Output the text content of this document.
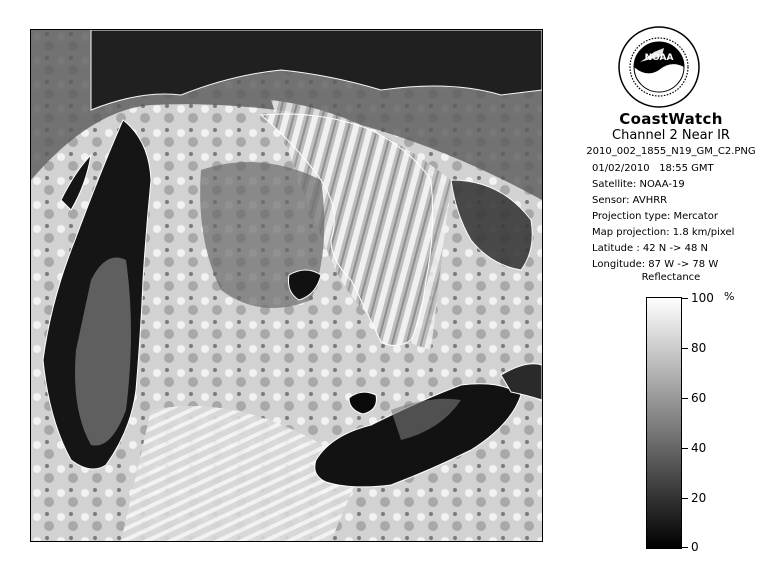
NOAA
CoastWatch
Channel 2 Near IR
2010_002_1855_N19_GM_C2.PNG
01/02/2010 18:55 GMT
Satellite: NOAA-19
Sensor: AVHRR
Projection type: Mercator
Map projection: 1.8 km/pixel
Latitude : 42 N -> 48 N
Longitude: 87 W -> 78 W
Reflectance
%
100
80
60
40
20
0
